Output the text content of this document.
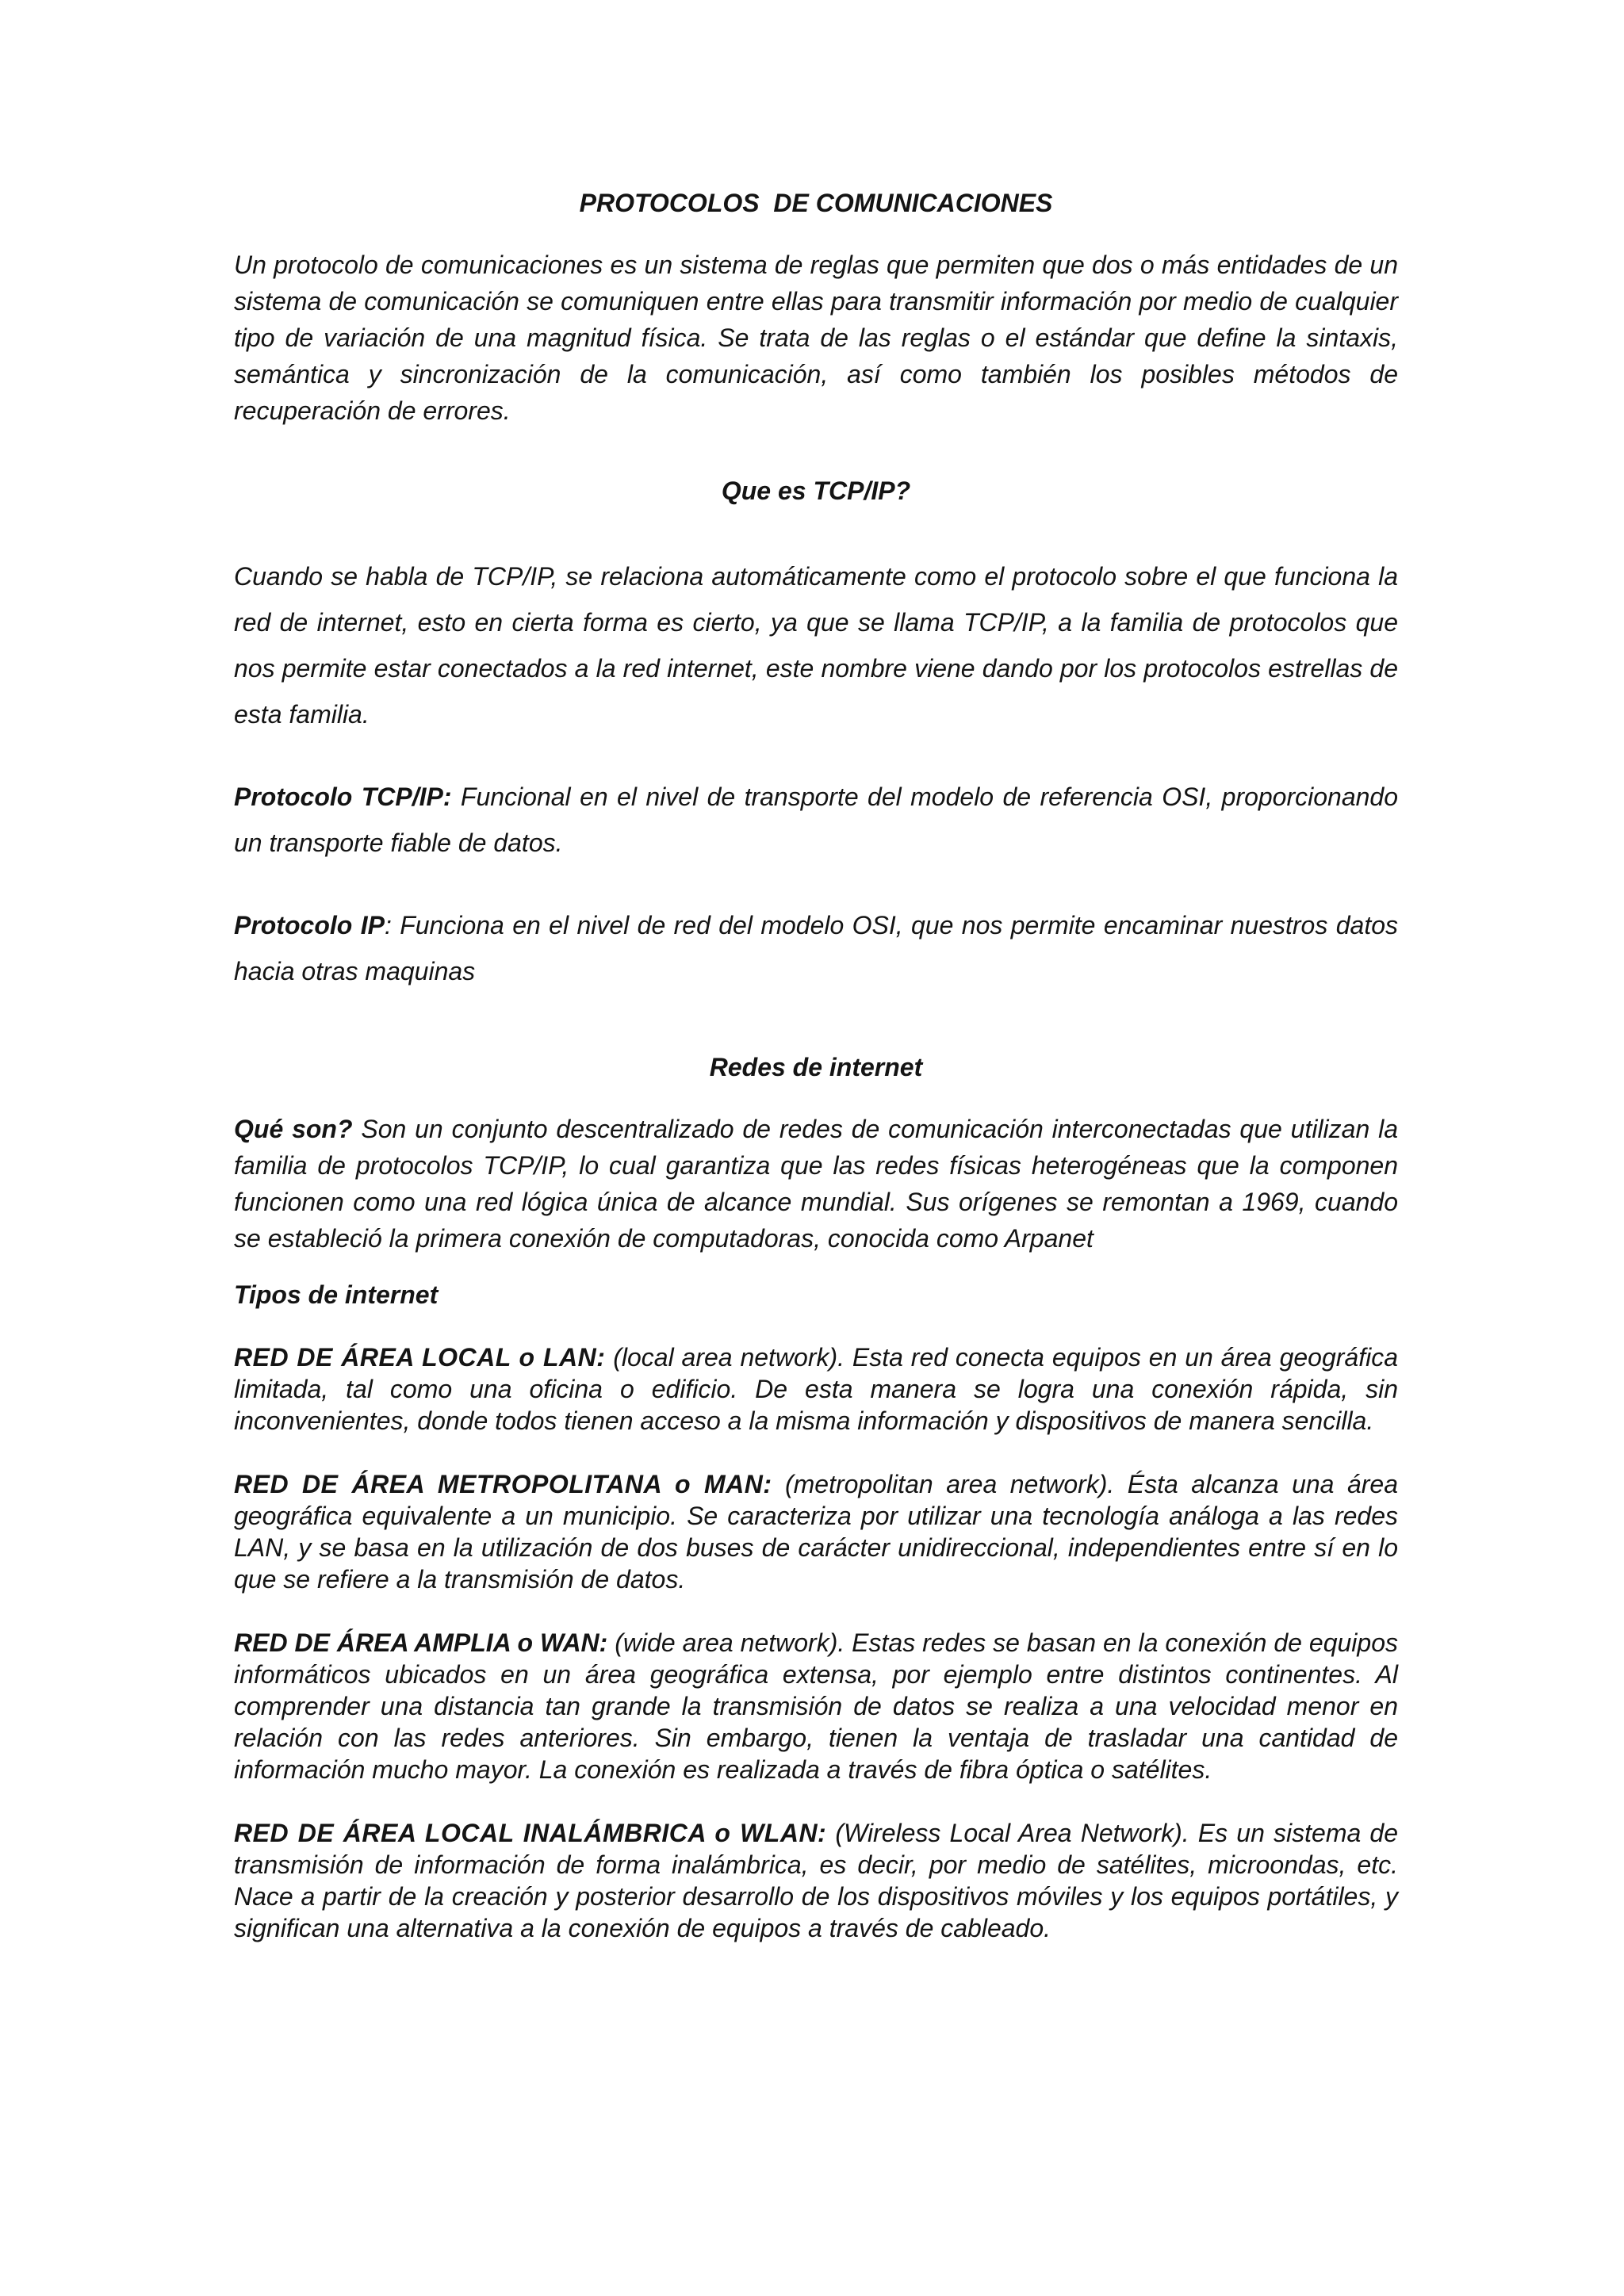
PROTOCOLOS  DE COMUNICACIONES

Un protocolo de comunicaciones es un sistema de reglas que permiten que dos o más entidades de un sistema de comunicación se comuniquen entre ellas para transmitir información por medio de cualquier tipo de variación de una magnitud física. Se trata de las reglas o el estándar que define la sintaxis, semántica y sincronización de la comunicación, así como también los posibles métodos de recuperación de errores.

Que es TCP/IP?

Cuando se habla de TCP/IP, se relaciona automáticamente como el protocolo sobre el que funciona la red de internet, esto en cierta forma es cierto, ya que se llama TCP/IP, a la familia de protocolos que nos permite estar conectados a la red internet, este nombre viene dando por los protocolos estrellas de esta familia.

Protocolo TCP/IP: Funcional en el nivel de transporte del modelo de referencia OSI, proporcionando un transporte fiable de datos.

Protocolo IP: Funciona en el nivel de red del modelo OSI, que nos permite encaminar nuestros datos hacia otras maquinas

Redes de internet

Qué son? Son un conjunto descentralizado de redes de comunicación interconectadas que utilizan la familia de protocolos TCP/IP, lo cual garantiza que las redes físicas heterogéneas que la componen funcionen como una red lógica única de alcance mundial. Sus orígenes se remontan a 1969, cuando se estableció la primera conexión de computadoras, conocida como Arpanet

Tipos de internet

RED DE ÁREA LOCAL o LAN: (local area network). Esta red conecta equipos en un área geográfica limitada, tal como una oficina o edificio. De esta manera se logra una conexión rápida, sin inconvenientes, donde todos tienen acceso a la misma información y dispositivos de manera sencilla.

RED DE ÁREA METROPOLITANA o MAN: (metropolitan area network). Ésta alcanza una área geográfica equivalente a un municipio. Se caracteriza por utilizar una tecnología análoga a las redes LAN, y se basa en la utilización de dos buses de carácter unidireccional, independientes entre sí en lo que se refiere a la transmisión de datos.

RED DE ÁREA AMPLIA o WAN: (wide area network). Estas redes se basan en la conexión de equipos informáticos ubicados en un área geográfica extensa, por ejemplo entre distintos continentes. Al comprender una distancia tan grande la transmisión de datos se realiza a una velocidad menor en relación con las redes anteriores. Sin embargo, tienen la ventaja de trasladar una cantidad de información mucho mayor. La conexión es realizada a través de fibra óptica o satélites.

RED DE ÁREA LOCAL INALÁMBRICA o WLAN: (Wireless Local Area Network). Es un sistema de transmisión de información de forma inalámbrica, es decir, por medio de satélites, microondas, etc. Nace a partir de la creación y posterior desarrollo de los dispositivos móviles y los equipos portátiles, y significan una alternativa a la conexión de equipos a través de cableado.
